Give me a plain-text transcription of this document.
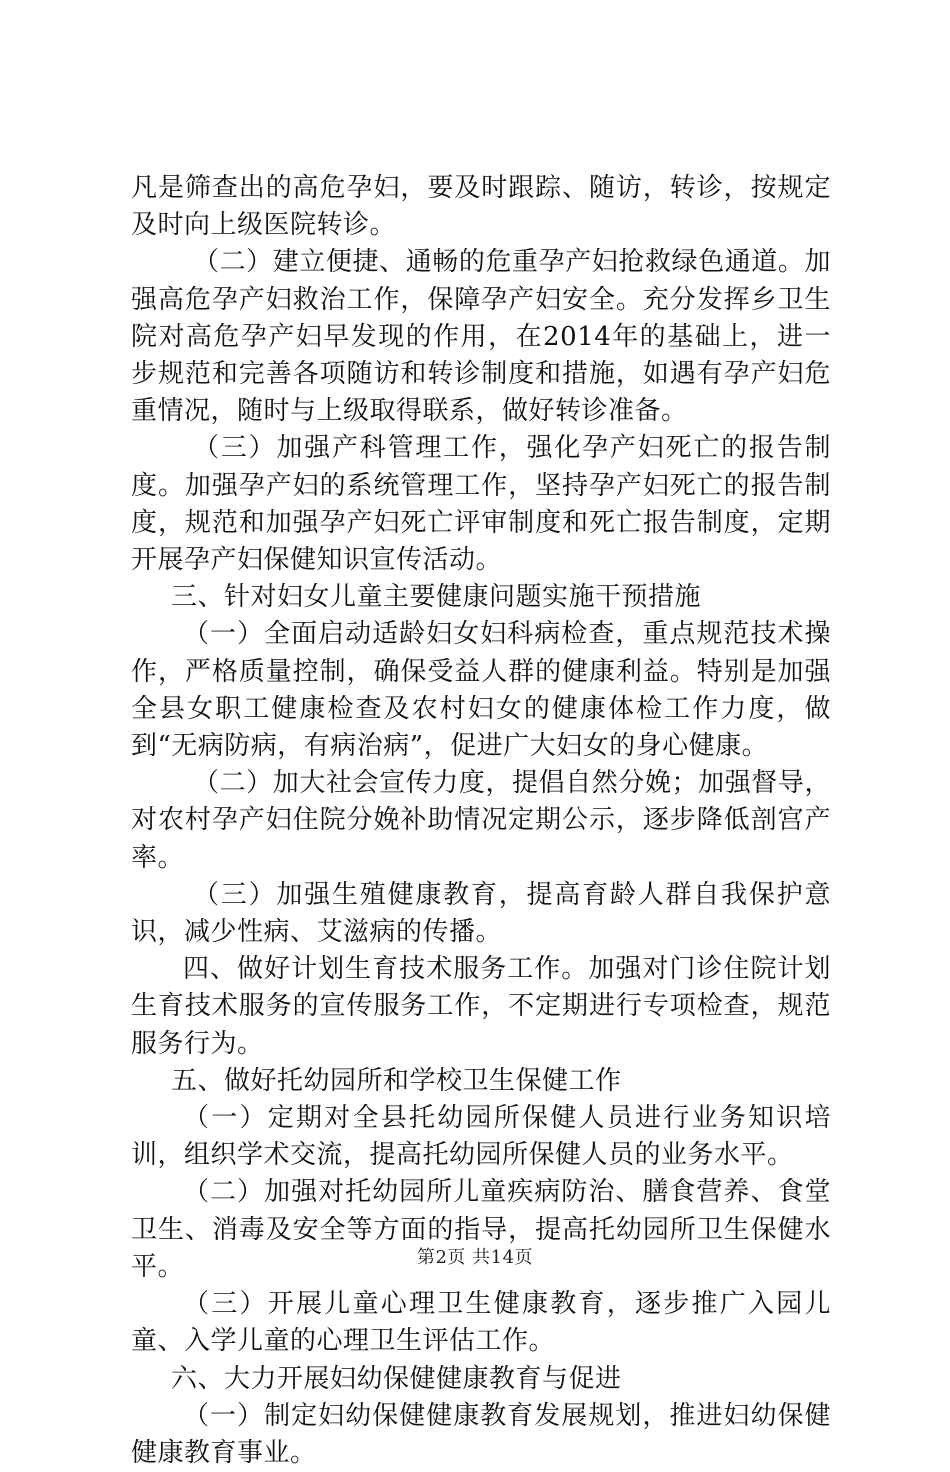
凡是筛查出的高危孕妇，要及时跟踪、随访，转诊，按规定及时向上级医院转诊。

（二）建立便捷、通畅的危重孕产妇抢救绿色通道。加强高危孕产妇救治工作，保障孕产妇安全。充分发挥乡卫生院对高危孕产妇早发现的作用，在2014年的基础上，进一步规范和完善各项随访和转诊制度和措施，如遇有孕产妇危重情况，随时与上级取得联系，做好转诊准备。

（三）加强产科管理工作，强化孕产妇死亡的报告制度。加强孕产妇的系统管理工作，坚持孕产妇死亡的报告制度，规范和加强孕产妇死亡评审制度和死亡报告制度，定期开展孕产妇保健知识宣传活动。

三、针对妇女儿童主要健康问题实施干预措施

（一）全面启动适龄妇女妇科病检查，重点规范技术操作，严格质量控制，确保受益人群的健康利益。特别是加强全县女职工健康检查及农村妇女的健康体检工作力度，做到“无病防病，有病治病”，促进广大妇女的身心健康。

（二）加大社会宣传力度，提倡自然分娩；加强督导，对农村孕产妇住院分娩补助情况定期公示，逐步降低剖宫产率。

（三）加强生殖健康教育，提高育龄人群自我保护意识，减少性病、艾滋病的传播。

四、做好计划生育技术服务工作。加强对门诊住院计划生育技术服务的宣传服务工作，不定期进行专项检查，规范服务行为。

五、做好托幼园所和学校卫生保健工作

（一）定期对全县托幼园所保健人员进行业务知识培训，组织学术交流，提高托幼园所保健人员的业务水平。

（二）加强对托幼园所儿童疾病防治、膳食营养、食堂卫生、消毒及安全等方面的指导，提高托幼园所卫生保健水平。

（三）开展儿童心理卫生健康教育，逐步推广入园儿童、入学儿童的心理卫生评估工作。

六、大力开展妇幼保健健康教育与促进

（一）制定妇幼保健健康教育发展规划，推进妇幼保健健康教育事业。

第2页 共14页
